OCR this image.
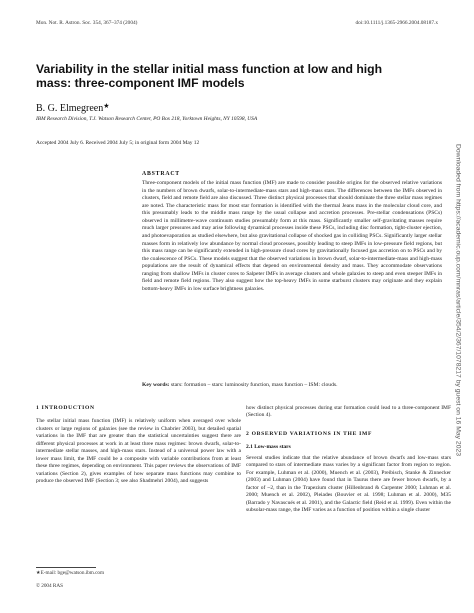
Mon. Not. R. Astron. Soc. 354, 367–374 (2004)	doi:10.1111/j.1365-2966.2004.08187.x
Variability in the stellar initial mass function at low and high mass: three-component IMF models
B. G. Elmegreen★
IBM Research Division, T.J. Watson Research Center, PO Box 218, Yorktown Heights, NY 10598, USA
Accepted 2004 July 6. Received 2004 July 5; in original form 2004 May 12
ABSTRACT

Three-component models of the initial mass function (IMF) are made to consider possible origins for the observed relative variations in the numbers of brown dwarfs, solar-to-intermediate-mass stars and high-mass stars. The differences between the IMFs observed in clusters, field and remote field are also discussed. Three distinct physical processes that should dominate the three stellar mass regimes are noted. The characteristic mass for most star formation is identified with the thermal Jeans mass in the molecular cloud core, and this presumably leads to the middle mass range by the usual collapse and accretion processes. Pre-stellar condensations (PSCs) observed in millimetre-wave continuum studies presumably form at this mass. Significantly smaller self-gravitating masses require much larger pressures and may arise following dynamical processes inside these PSCs, including disc formation, tight-cluster ejection, and photoevaporation as studied elsewhere, but also gravitational collapse of shocked gas in colliding PSCs. Significantly larger stellar masses form in relatively low abundance by normal cloud processes, possibly leading to steep IMFs in low-pressure field regions, but this mass range can be significantly extended in high-pressure cloud cores by gravitationally focused gas accretion on to PSCs and by the coalescence of PSCs. These models suggest that the observed variations in brown dwarf, solar-to-intermediate-mass and high-mass populations are the result of dynamical effects that depend on environmental density and mass. They accommodate observations ranging from shallow IMFs in cluster cores to Salpeter IMFs in average clusters and whole galaxies to steep and even steeper IMFs in field and remote field regions. They also suggest how the top-heavy IMFs in some starburst clusters may originate and they explain bottom-heavy IMFs in low surface brightness galaxies.

Key words: stars: formation – stars: luminosity function, mass function – ISM: clouds.
1 INTRODUCTION

The stellar initial mass function (IMF) is relatively uniform when averaged over whole clusters or large regions of galaxies (see the review in Chabrier 2003), but detailed spatial variations in the IMF that are greater than the statistical uncertainties suggest there are different physical processes at work in at least three mass regimes: brown dwarfs, solar-to-intermediate stellar masses, and high-mass stars. Instead of a universal power law with a lower mass limit, the IMF could be a composite with variable contributions from at least these three regimes, depending on environment. This paper reviews the observations of IMF variations (Section 2), gives examples of how separate mass functions may combine to produce the observed IMF (Section 3; see also Shadmehri 2004), and suggests

how distinct physical processes during star formation could lead to a three-component IMF (Section 4).

2 OBSERVED VARIATIONS IN THE IMF
2.1 Low-mass stars

Several studies indicate that the relative abundance of brown dwarfs and low-mass stars compared to stars of intermediate mass varies by a significant factor from region to region. For example, Luhman et al. (2000), Muench et al. (2003), Preibisch, Stanke & Zinnecker (2003) and Luhman (2004) have found that in Taurus there are fewer brown dwarfs, by a factor of ~2, than in the Trapezium cluster (Hillenbrand & Carpenter 2000; Luhman et al. 2000; Muench et al. 2002), Pleiades (Bouvier et al. 1998; Luhman et al. 2000), M35 (Barrado y Navascués et al. 2001), and the Galactic field (Reid et al. 1999). Even within the subsolar-mass range, the IMF varies as a function of position within a single cluster

★E-mail: bge@watson.ibm.com
© 2004 RAS
Downloaded from https://academic.oup.com/mnras/article/354/2/367/1078217 by guest on 16 May 2023
